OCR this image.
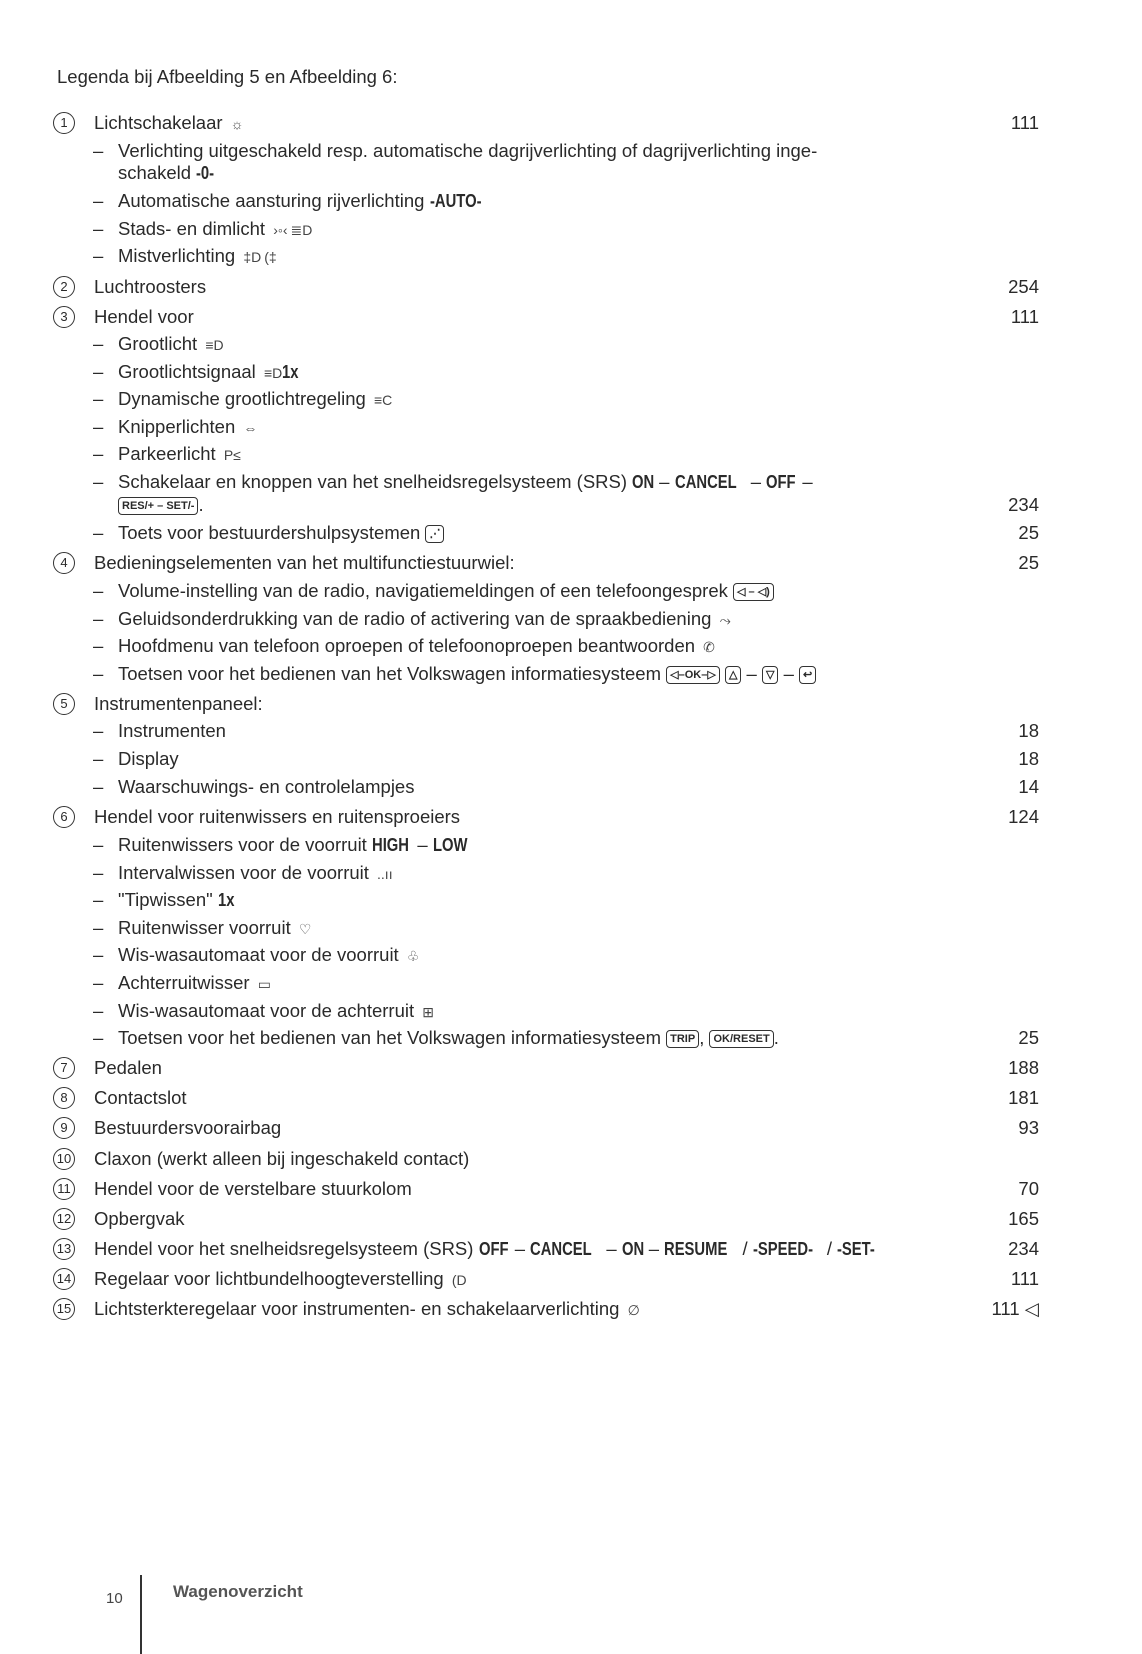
Legenda bij Afbeelding 5 en Afbeelding 6:
1	Lichtschakelaar ☼	111
– Verlichting uitgeschakeld resp. automatische dagrijverlichting of dagrijverlichting inge-
schakeld -0-
– Automatische aansturing rijverlichting -AUTO-
– Stads- en dimlicht ›◦‹ ≣D
– Mistverlichting ‡D (‡
2	Luchtroosters	254
3	Hendel voor	111
– Grootlicht ≡D
– Grootlichtsignaal ≡D1x
– Dynamische grootlichtregeling ≡C
– Knipperlichten ⇔
– Parkeerlicht P≤
– Schakelaar en knoppen van het snelheidsregelsysteem (SRS) ON – CANCEL – OFF –
RES/+ – SET/- .	234
– Toets voor bestuurdershulpsystemen ⋰	25
4	Bedieningselementen van het multifunctiestuurwiel:	25
– Volume-instelling van de radio, navigatiemeldingen of een telefoongesprek ◁ – ◁)
– Geluidsonderdrukking van de radio of activering van de spraakbediening ⤳
– Hoofdmenu van telefoon oproepen of telefoonoproepen beantwoorden ✆
– Toetsen voor het bedienen van het Volkswagen informatiesysteem ◁–OK–▷ △ – ▽ – ↩
5	Instrumentenpaneel:
– Instrumenten	18
– Display	18
– Waarschuwings- en controlelampjes	14
6	Hendel voor ruitenwissers en ruitensproeiers	124
– Ruitenwissers voor de voorruit HIGH – LOW
– Intervalwissen voor de voorruit ..ıı
– "Tipwissen" 1x
– Ruitenwisser voorruit ♡
– Wis-wasautomaat voor de voorruit ♧
– Achterruitwisser ▭
– Wis-wasautomaat voor de achterruit ⊞
– Toetsen voor het bedienen van het Volkswagen informatiesysteem TRIP , OK/RESET .	25
7	Pedalen	188
8	Contactslot	181
9	Bestuurdersvoorairbag	93
10 Claxon (werkt alleen bij ingeschakeld contact)
11 Hendel voor de verstelbare stuurkolom	70
12 Opbergvak	165
13 Hendel voor het snelheidsregelsysteem (SRS) OFF – CANCEL – ON – RESUME / -SPEED- / -SET-	234
14 Regelaar voor lichtbundelhoogteverstelling (D	111
15 Lichtsterkteregelaar voor instrumenten- en schakelaarverlichting ∅	111 ◁
10	Wagenoverzicht
